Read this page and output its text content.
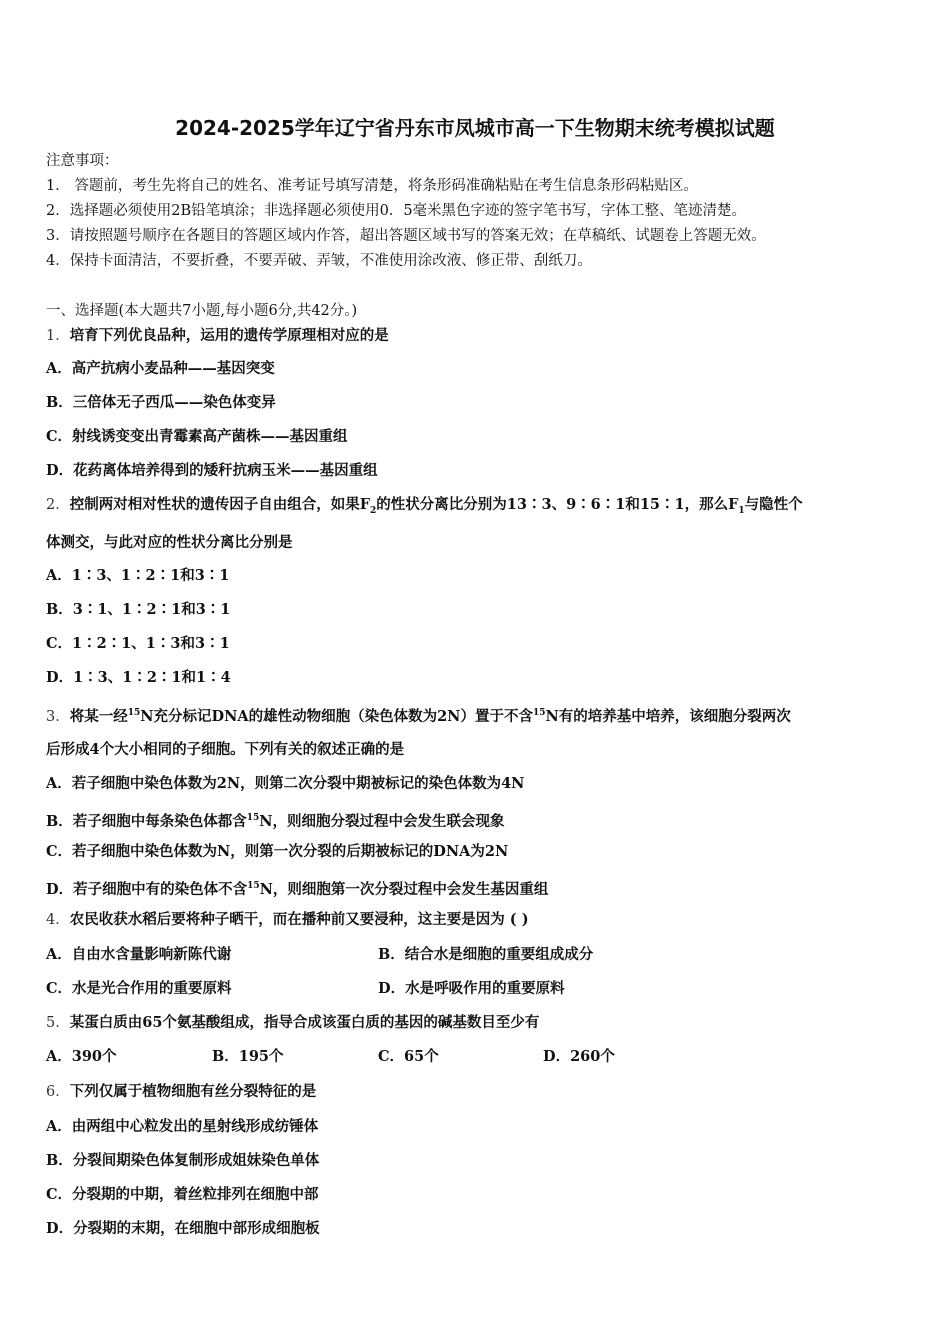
2024-2025学年辽宁省丹东市凤城市高一下生物期末统考模拟试题
注意事项：
1． 答题前，考生先将自己的姓名、准考证号填写清楚，将条形码准确粘贴在考生信息条形码粘贴区。
2．选择题必须使用2B铅笔填涂；非选择题必须使用0．5毫米黑色字迹的签字笔书写，字体工整、笔迹清楚。
3．请按照题号顺序在各题目的答题区域内作答，超出答题区域书写的答案无效；在草稿纸、试题卷上答题无效。
4．保持卡面清洁，不要折叠，不要弄破、弄皱，不准使用涂改液、修正带、刮纸刀。
一、选择题(本大题共7小题,每小题6分,共42分。)
1．培育下列优良品种，运用的遗传学原理相对应的是
A．高产抗病小麦品种——基因突变
B．三倍体无子西瓜——染色体变异
C．射线诱变变出青霉素高产菌株——基因重组
D．花药离体培养得到的矮秆抗病玉米——基因重组
2．控制两对相对性状的遗传因子自由组合，如果$F_2$的性状分离比分别为13∶3、9∶6∶1和15∶1，那么$F_1$与隐性个
体测交，与此对应的性状分离比分别是
A．1∶3、1∶2∶1和3∶1
B．3∶1、1∶2∶1和3∶1
C．1∶2∶1、1∶3和3∶1
D．1∶3、1∶2∶1和1∶4
3．将某一经$^{15}$N充分标记DNA的雄性动物细胞（染色体数为2N）置于不含$^{15}$N有的培养基中培养，该细胞分裂两次
后形成4个大小相同的子细胞。下列有关的叙述正确的是
A．若子细胞中染色体数为2N，则第二次分裂中期被标记的染色体数为4N
B．若子细胞中每条染色体都含$^{15}$N，则细胞分裂过程中会发生联会现象
C．若子细胞中染色体数为N，则第一次分裂的后期被标记的DNA为2N
D．若子细胞中有的染色体不含$^{15}$N，则细胞第一次分裂过程中会发生基因重组
4．农民收获水稻后要将种子晒干，而在播种前又要浸种，这主要是因为 ( )
A．自由水含量影响新陈代谢	B．结合水是细胞的重要组成成分
C．水是光合作用的重要原料	D．水是呼吸作用的重要原料
5．某蛋白质由65个氨基酸组成，指导合成该蛋白质的基因的碱基数目至少有
A．390个	B．195个	C．65个	D．260个
6．下列仅属于植物细胞有丝分裂特征的是
A．由两组中心粒发出的星射线形成纺锤体
B．分裂间期染色体复制形成姐妹染色单体
C．分裂期的中期，着丝粒排列在细胞中部
D．分裂期的末期，在细胞中部形成细胞板
